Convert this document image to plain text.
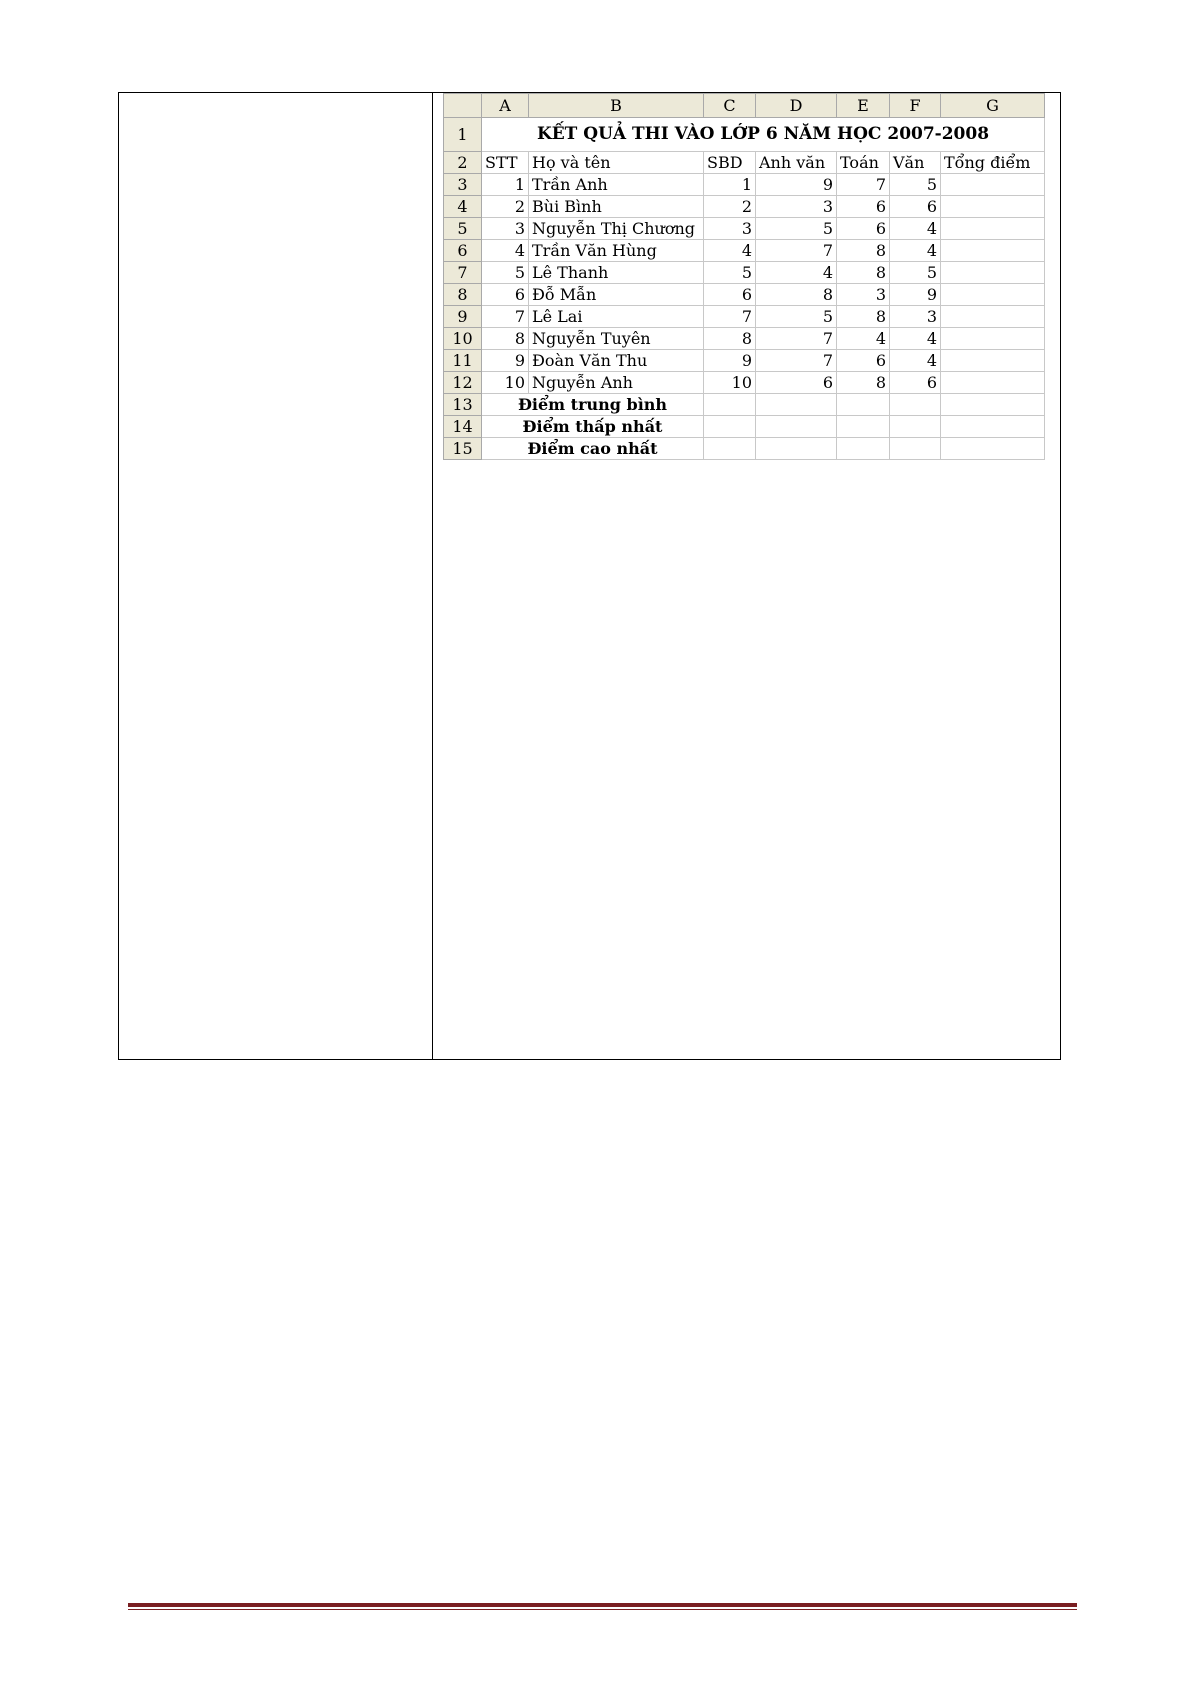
	A	B	C	D	E	F	G
1	KẾT QUẢ THI VÀO LỚP 6 NĂM HỌC 2007-2008						
2	STT	Họ và tên	SBD	Anh văn	Toán	Văn	Tổng điểm
3	1	Trần Anh	1	9	7	5	
4	2	Bùi Bình	2	3	6	6	
5	3	Nguyễn Thị Chương	3	5	6	4	
6	4	Trần Văn Hùng	4	7	8	4	
7	5	Lê Thanh	5	4	8	5	
8	6	Đỗ Mẫn	6	8	3	9	
9	7	Lê Lai	7	5	8	3	
10	8	Nguyễn Tuyên	8	7	4	4	
11	9	Đoàn Văn Thu	9	7	6	4	
12	10	Nguyễn Anh	10	6	8	6	
13	Điểm trung bình						
14	Điểm thấp nhất						
15	Điểm cao nhất						
